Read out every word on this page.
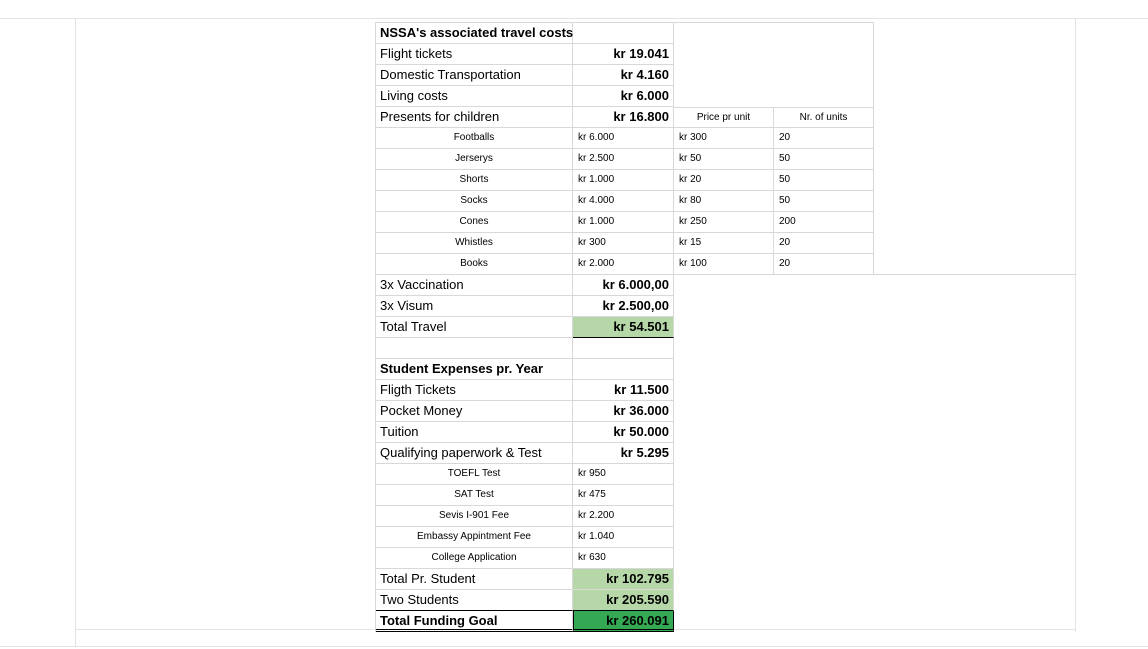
NSSA's associated travel costs
Flight tickets	kr 19.041
Domestic Transportation	kr 4.160
Living costs	kr 6.000
Presents for children	kr 16.800	Price pr unit	Nr. of units
Footballs	kr 6.000	kr 300	20
Jerserys	kr 2.500	kr 50	50
Shorts	kr 1.000	kr 20	50
Socks	kr 4.000	kr 80	50
Cones	kr 1.000	kr 250	200
Whistles	kr 300	kr 15	20
Books	kr 2.000	kr 100	20
3x Vaccination	kr 6.000,00
3x Visum	kr 2.500,00
Total Travel	kr 54.501
Student Expenses pr. Year
Fligth Tickets	kr 11.500
Pocket Money	kr 36.000
Tuition	kr 50.000
Qualifying paperwork & Test	kr 5.295
TOEFL Test	kr 950
SAT Test	kr 475
Sevis I-901 Fee	kr 2.200
Embassy Appintment Fee	kr 1.040
College Application	kr 630
Total Pr. Student	kr 102.795
Two Students	kr 205.590
Total Funding Goal	kr 260.091
